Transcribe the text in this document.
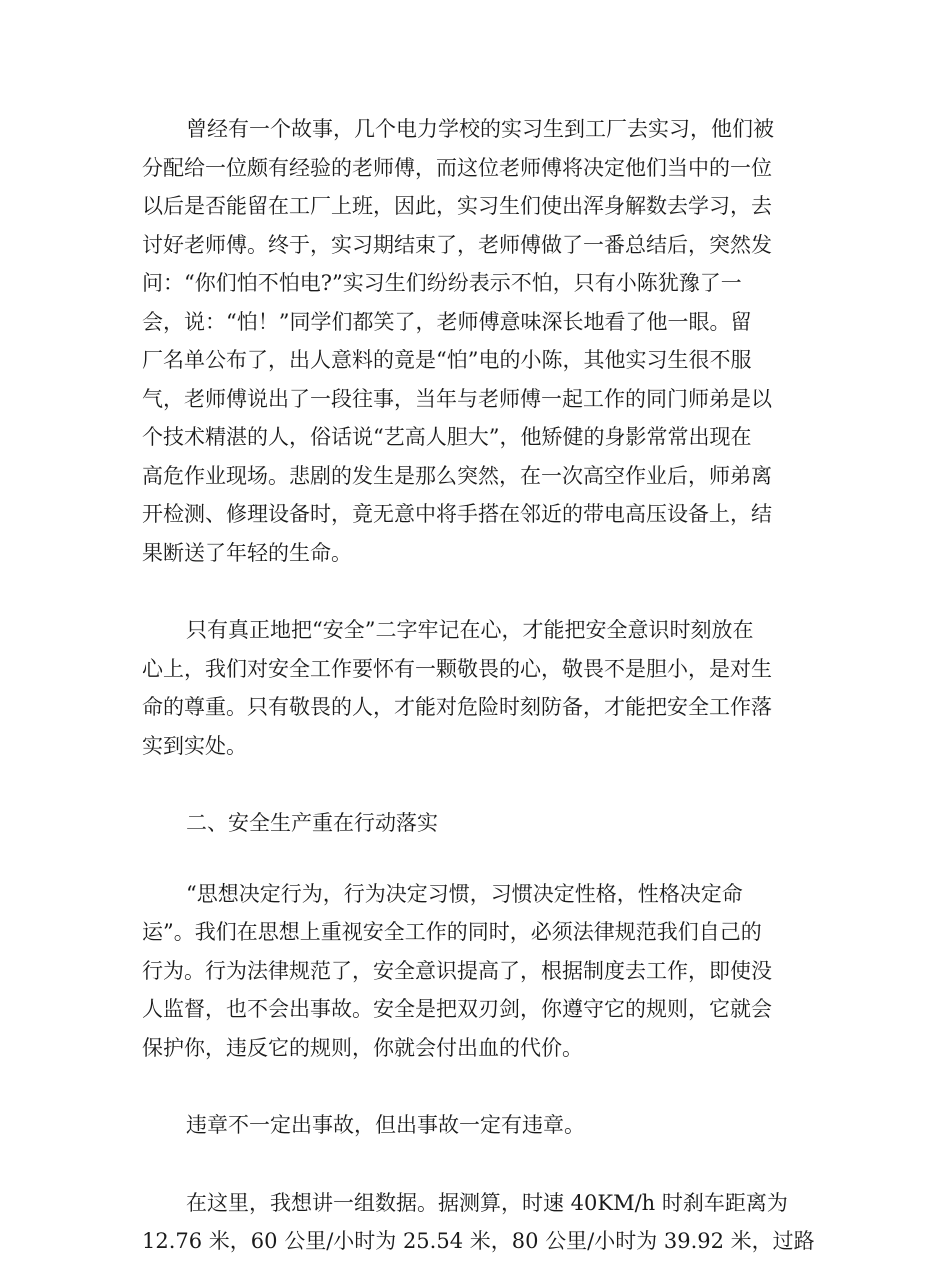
曾经有一个故事，几个电力学校的实习生到工厂去实习，他们被
分配给一位颇有经验的老师傅，而这位老师傅将决定他们当中的一位
以后是否能留在工厂上班，因此，实习生们使出浑身解数去学习，去
讨好老师傅。终于，实习期结束了，老师傅做了一番总结后，突然发
问：“你们怕不怕电?”实习生们纷纷表示不怕，只有小陈犹豫了一
会，说：“怕！”同学们都笑了，老师傅意味深长地看了他一眼。留
厂名单公布了，出人意料的竟是“怕”电的小陈，其他实习生很不服
气，老师傅说出了一段往事，当年与老师傅一起工作的同门师弟是以
个技术精湛的人，俗话说“艺高人胆大”，他矫健的身影常常出现在
高危作业现场。悲剧的发生是那么突然，在一次高空作业后，师弟离
开检测、修理设备时，竟无意中将手搭在邻近的带电高压设备上，结
果断送了年轻的生命。
只有真正地把“安全”二字牢记在心，才能把安全意识时刻放在
心上，我们对安全工作要怀有一颗敬畏的心，敬畏不是胆小，是对生
命的尊重。只有敬畏的人，才能对危险时刻防备，才能把安全工作落
实到实处。
二、安全生产重在行动落实
“思想决定行为，行为决定习惯，习惯决定性格，性格决定命
运”。我们在思想上重视安全工作的同时，必须法律规范我们自己的
行为。行为法律规范了，安全意识提高了，根据制度去工作，即使没
人监督，也不会出事故。安全是把双刃剑，你遵守它的规则，它就会
保护你，违反它的规则，你就会付出血的代价。
违章不一定出事故，但出事故一定有违章。
在这里，我想讲一组数据。据测算，时速 40KM/h 时刹车距离为
12.76 米，60 公里/小时为 25.54 米，80 公里/小时为 39.92 米，过路
